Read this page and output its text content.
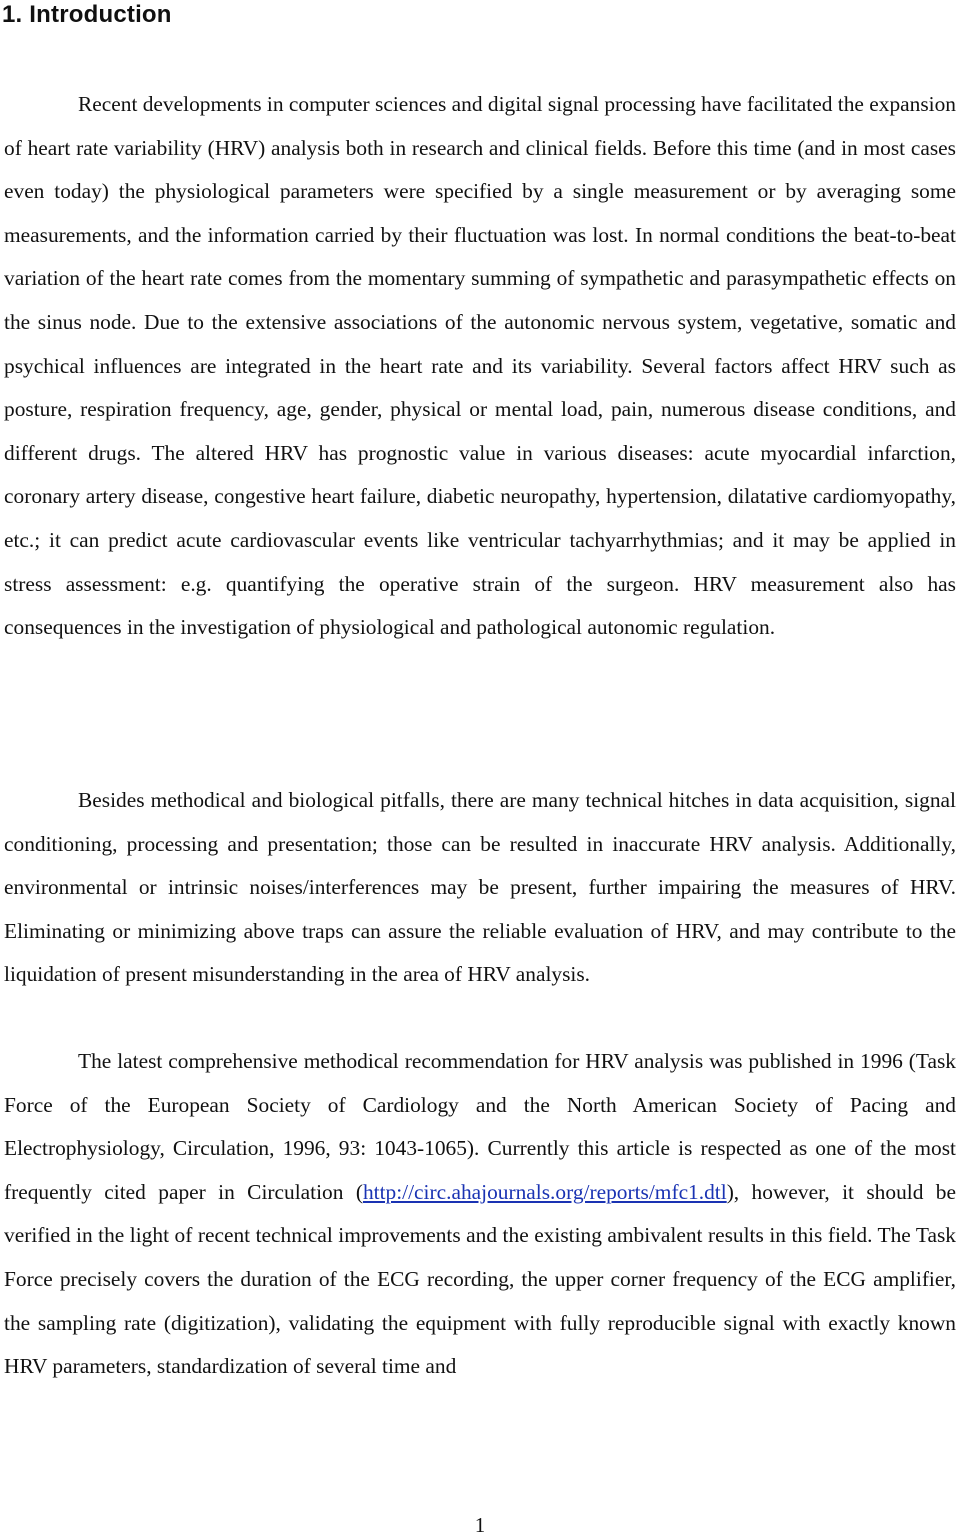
1. Introduction

Recent developments in computer sciences and digital signal processing have facilitated the expansion of heart rate variability (HRV) analysis both in research and clinical fields. Before this time (and in most cases even today) the physiological parameters were specified by a single measurement or by averaging some measurements, and the information carried by their fluctuation was lost. In normal conditions the beat-to-beat variation of the heart rate comes from the momentary summing of sympathetic and parasympathetic effects on the sinus node. Due to the extensive associations of the autonomic nervous system, vegetative, somatic and psychical influences are integrated in the heart rate and its variability. Several factors affect HRV such as posture, respiration frequency, age, gender, physical or mental load, pain, numerous disease conditions, and different drugs. The altered HRV has prognostic value in various diseases: acute myocardial infarction, coronary artery disease, congestive heart failure, diabetic neuropathy, hypertension, dilatative cardiomyopathy, etc.; it can predict acute cardiovascular events like ventricular tachyarrhythmias; and it may be applied in stress assessment: e.g. quantifying the operative strain of the surgeon. HRV measurement also has consequences in the investigation of physiological and pathological autonomic regulation.

Besides methodical and biological pitfalls, there are many technical hitches in data acquisition, signal conditioning, processing and presentation; those can be resulted in inaccurate HRV analysis. Additionally, environmental or intrinsic noises/interferences may be present, further impairing the measures of HRV. Eliminating or minimizing above traps can assure the reliable evaluation of HRV, and may contribute to the liquidation of present misunderstanding in the area of HRV analysis.

The latest comprehensive methodical recommendation for HRV analysis was published in 1996 (Task Force of the European Society of Cardiology and the North American Society of Pacing and Electrophysiology, Circulation, 1996, 93: 1043-1065). Currently this article is respected as one of the most frequently cited paper in Circulation (http://circ.ahajournals.org/reports/mfc1.dtl), however, it should be verified in the light of recent technical improvements and the existing ambivalent results in this field. The Task Force precisely covers the duration of the ECG recording, the upper corner frequency of the ECG amplifier, the sampling rate (digitization), validating the equipment with fully reproducible signal with exactly known HRV parameters, standardization of several time and

1
